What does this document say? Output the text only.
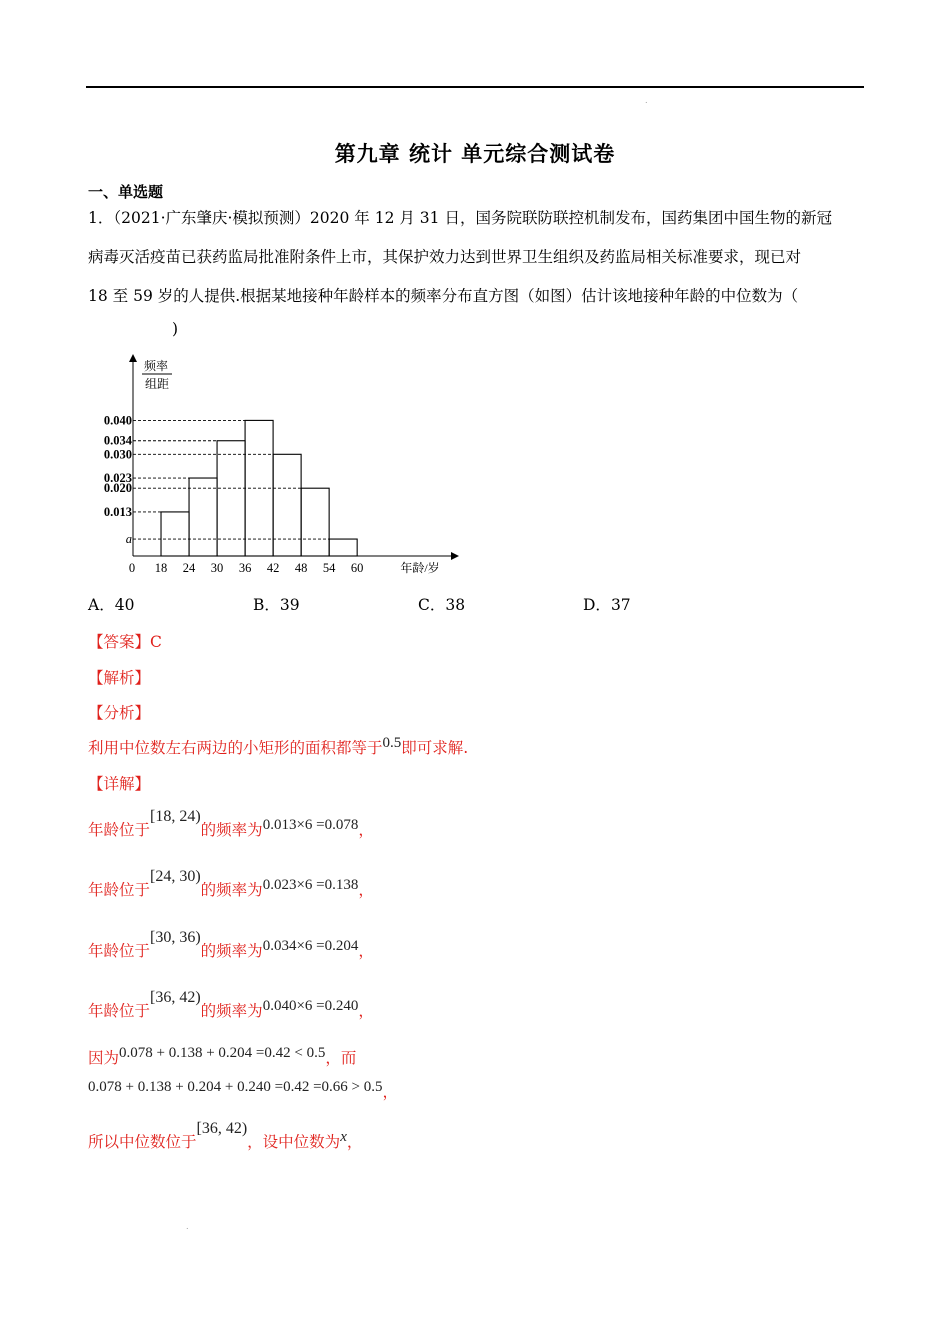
.
第九章 统计 单元综合测试卷
一、单选题
1．（2021·广东肇庆·模拟预测）2020 年 12 月 31 日，国务院联防联控机制发布，国药集团中国生物的新冠
病毒灭活疫苗已获药监局批准附条件上市，其保护效力达到世界卫生组织及药监局相关标准要求，现已对
18 至 59 岁的人提供.根据某地接种年龄样本的频率分布直方图（如图）估计该地接种年龄的中位数为（
)
频率
组距
年龄/岁
0 18 24 30 36 42 48 54 60
0.013
0.023
0.034
0.040
0.030
0.020
a
A．40	B．39	C．38	D．37
【答案】C
【解析】
【分析】
利用中位数左右两边的小矩形的面积都等于0.5即可求解.
【详解】
年龄位于[18, 24)的频率为0.013×6 =0.078，
年龄位于[24, 30)的频率为0.023×6 =0.138，
年龄位于[30, 36)的频率为0.034×6 =0.204，
年龄位于[36, 42)的频率为0.040×6 =0.240，
因为0.078 + 0.138 + 0.204 =0.42 < 0.5，而
0.078 + 0.138 + 0.204 + 0.240 =0.42 =0.66 > 0.5，
所以中位数位于[36, 42)，设中位数为x，
.
